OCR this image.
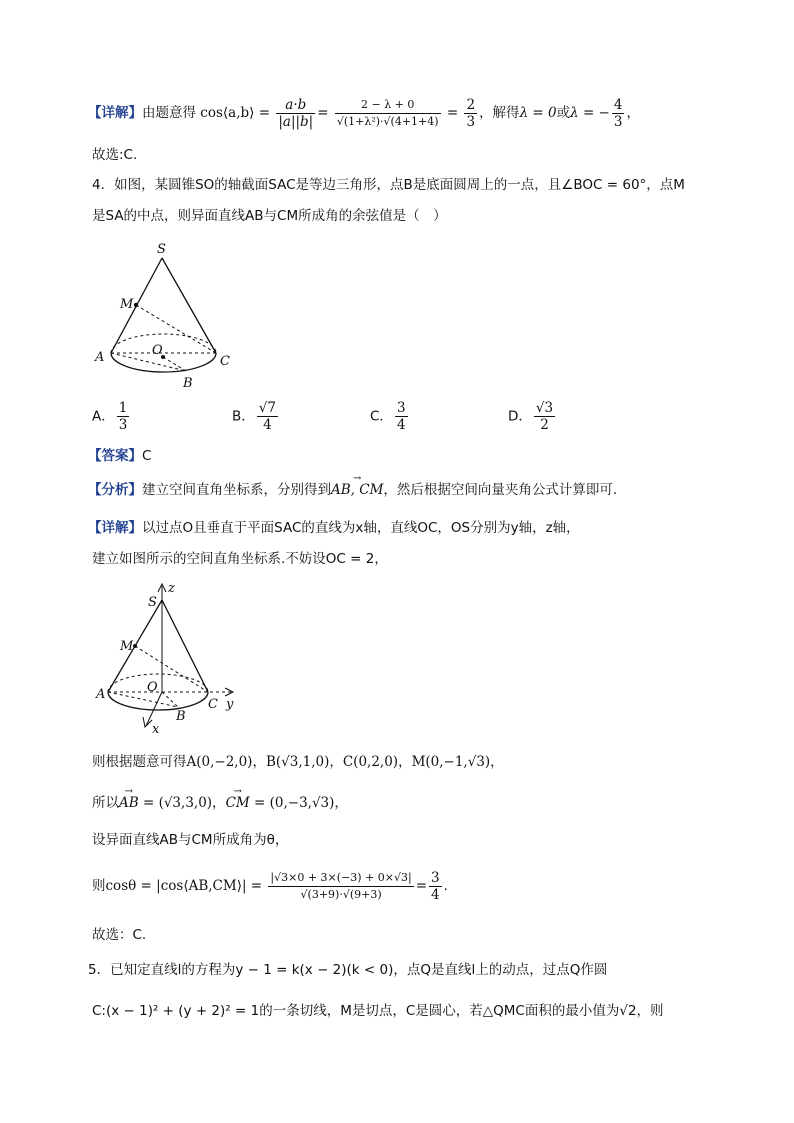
【详解】由题意得 cos⟨a,b⟩ = $\frac{a\cdot b}{|a||b|} = \frac{2 - \lambda + 0}{\text{√(1+λ²)·√(4+1+4)}} = \frac{2}{3}$ ，解得λ = 0或λ = − $\frac{4}{3}$ ，
故选:C．
4．如图，某圆锥SO的轴截面SAC是等边三角形，点B是底面圆周上的一点，且∠BOC = 60°，点M
是SA的中点，则异面直线AB与CM所成角的余弦值是（　）
S
M
A	O
C
B
A． $\frac{1}{3}$	B． $\frac{√7}{4}$	C． $\frac{3}{4}$	D． $\frac{√3}{2}$
【答案】C
【分析】建立空间直角坐标系，分别得到→ AB, CM，然后根据空间向量夹角公式计算即可.
【详解】以过点O且垂直于平面SAC的直线为x轴，直线OC，OS分别为y轴，z轴，
建立如图所示的空间直角坐标系.不妨设OC = 2，
z
S
M
A	O
C
B
y
x
则根据题意可得A(0,−2,0)，B(√3,1,0)，C(0,2,0)，M(0,−1,√3)，
所以→ AB = (√3,3,0)，→ CM = (0,−3,√3)，
设异面直线AB与CM所成角为θ，
则cosθ = |cos⟨AB,CM⟩| = $\frac{|√3\times 0 + 3\times(-3) + 0\times√3|}{√(3+9)\cdot√(9+3)} = \frac{3}{4}$ .
故选：C.
5．已知定直线l的方程为y − 1 = k(x − 2)(k < 0)，点Q是直线l上的动点，过点Q作圆
C:(x − 1)² + (y + 2)² = 1的一条切线，M是切点，C是圆心，若△QMC面积的最小值为√2，则
